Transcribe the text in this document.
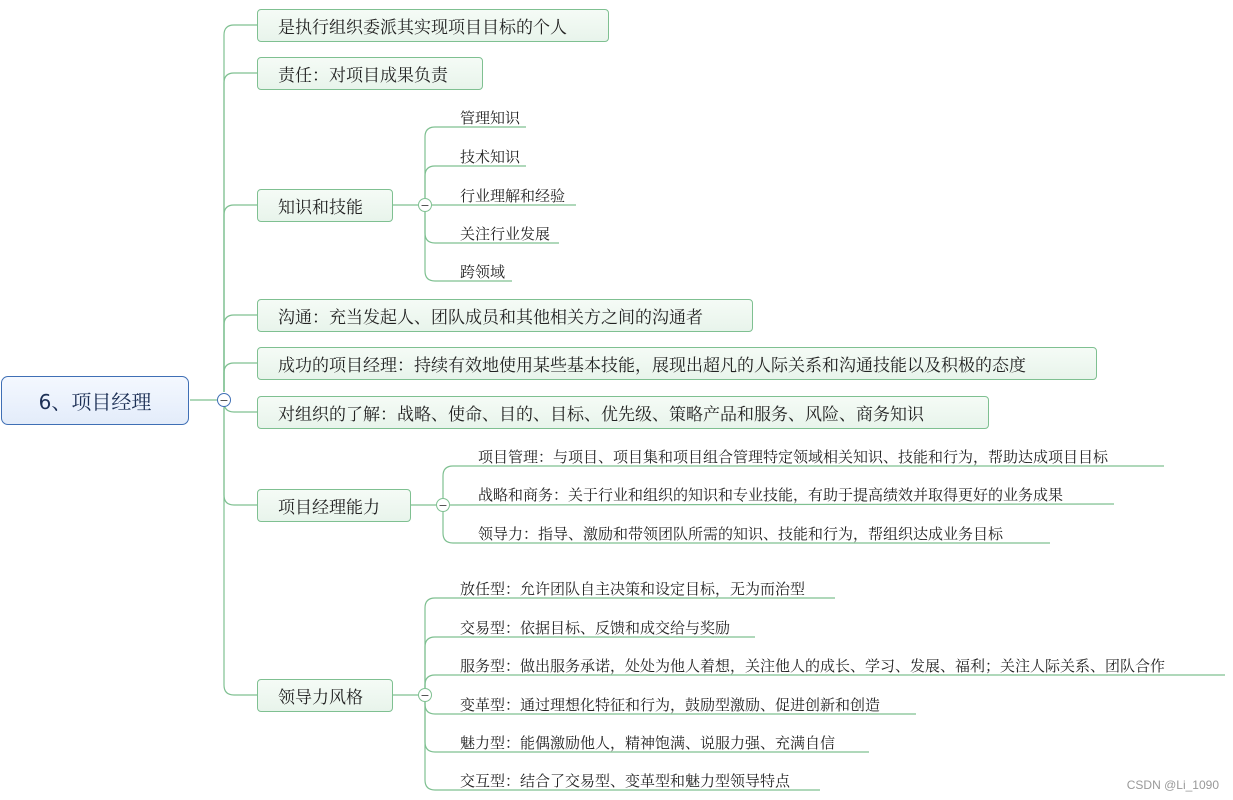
−
−
−
−
6、项目经理
是执行组织委派其实现项目目标的个人
责任：对项目成果负责
知识和技能
沟通：充当发起人、团队成员和其他相关方之间的沟通者
成功的项目经理：持续有效地使用某些基本技能，展现出超凡的人际关系和沟通技能以及积极的态度
对组织的了解：战略、使命、目的、目标、优先级、策略产品和服务、风险、商务知识
项目经理能力
领导力风格
管理知识
技术知识
行业理解和经验
关注行业发展
跨领域
项目管理：与项目、项目集和项目组合管理特定领域相关知识、技能和行为，帮助达成项目目标
战略和商务：关于行业和组织的知识和专业技能，有助于提高绩效并取得更好的业务成果
领导力：指导、激励和带领团队所需的知识、技能和行为，帮组织达成业务目标
放任型：允许团队自主决策和设定目标，无为而治型
交易型：依据目标、反馈和成交给与奖励
服务型：做出服务承诺，处处为他人着想，关注他人的成长、学习、发展、福利；关注人际关系、团队合作
变革型：通过理想化特征和行为，鼓励型激励、促进创新和创造
魅力型：能偶激励他人，精神饱满、说服力强、充满自信
交互型：结合了交易型、变革型和魅力型领导特点	CSDN @Li_1090
